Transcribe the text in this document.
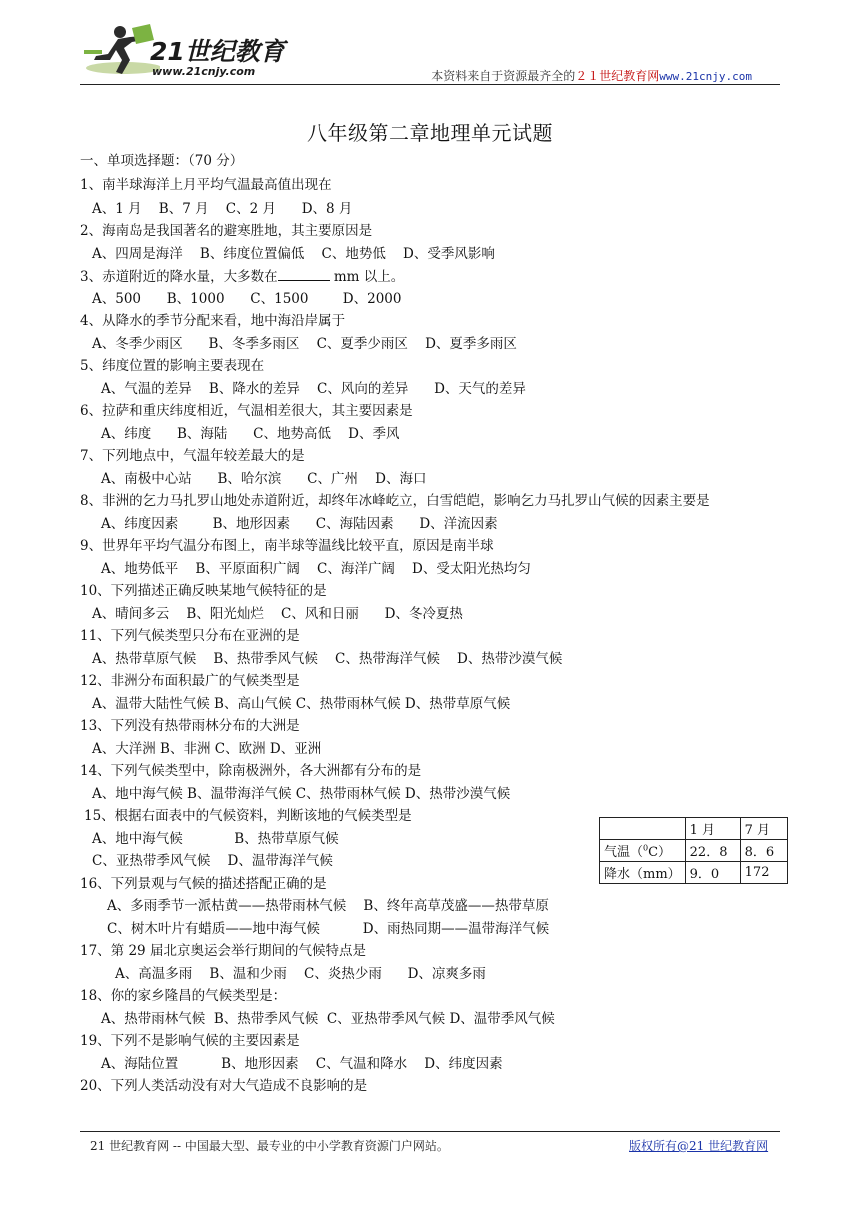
21世纪教育
www.21cnjy.com	本资料来自于资源最齐全的２１世纪教育网www.21cnjy.com
八年级第二章地理单元试题
一、单项选择题：（70 分）
1、南半球海洋上月平均气温最高值出现在
A、1 月    B、7 月    C、2 月      D、8 月
2、海南岛是我国著名的避寒胜地，其主要原因是
A、四周是海洋    B、纬度位置偏低    C、地势低    D、受季风影响
3、赤道附近的降水量，大多数在	mm 以上。
A、500      B、1000      C、1500        D、2000
4、从降水的季节分配来看，地中海沿岸属于
A、冬季少雨区      B、冬季多雨区    C、夏季少雨区    D、夏季多雨区
5、纬度位置的影响主要表现在
A、气温的差异    B、降水的差异    C、风向的差异      D、天气的差异
6、拉萨和重庆纬度相近，气温相差很大，其主要因素是
A、纬度      B、海陆      C、地势高低    D、季风
7、下列地点中，气温年较差最大的是
A、南极中心站      B、哈尔滨      C、广州    D、海口
8、非洲的乞力马扎罗山地处赤道附近，却终年冰峰屹立，白雪皑皑，影响乞力马扎罗山气候的因素主要是
A、纬度因素        B、地形因素      C、海陆因素      D、洋流因素
9、世界年平均气温分布图上，南半球等温线比较平直，原因是南半球
A、地势低平    B、平原面积广阔    C、海洋广阔    D、受太阳光热均匀
10、下列描述正确反映某地气候特征的是
A、晴间多云    B、阳光灿烂    C、风和日丽      D、冬冷夏热
11、下列气候类型只分布在亚洲的是
A、热带草原气候    B、热带季风气候    C、热带海洋气候    D、热带沙漠气候
12、非洲分布面积最广的气候类型是
A、温带大陆性气候 B、高山气候 C、热带雨林气候 D、热带草原气候
13、下列没有热带雨林分布的大洲是
A、大洋洲 B、非洲 C、欧洲 D、亚洲
14、下列气候类型中，除南极洲外，各大洲都有分布的是
A、地中海气候 B、温带海洋气候 C、热带雨林气候 D、热带沙漠气候
15、根据右面表中的气候资料，判断该地的气候类型是
A、地中海气候            B、热带草原气候
C、亚热带季风气候    D、温带海洋气候
16、下列景观与气候的描述搭配正确的是
A、多雨季节一派枯黄——热带雨林气候    B、终年高草茂盛——热带草原
C、树木叶片有蜡质——地中海气候          D、雨热同期——温带海洋气候
17、第 29 届北京奥运会举行期间的气候特点是
A、高温多雨    B、温和少雨    C、炎热少雨      D、凉爽多雨
18、你的家乡隆昌的气候类型是：
A、热带雨林气候  B、热带季风气候  C、亚热带季风气候 D、温带季风气候
19、下列不是影响气候的主要因素是
A、海陆位置          B、地形因素    C、气温和降水    D、纬度因素
20、下列人类活动没有对大气造成不良影响的是
	1 月	7 月
气温（$^0$C）	22．8	8．6
降水（mm）	9．0	172
21 世纪教育网 -- 中国最大型、最专业的中小学教育资源门户网站。	版权所有@21 世纪教育网
